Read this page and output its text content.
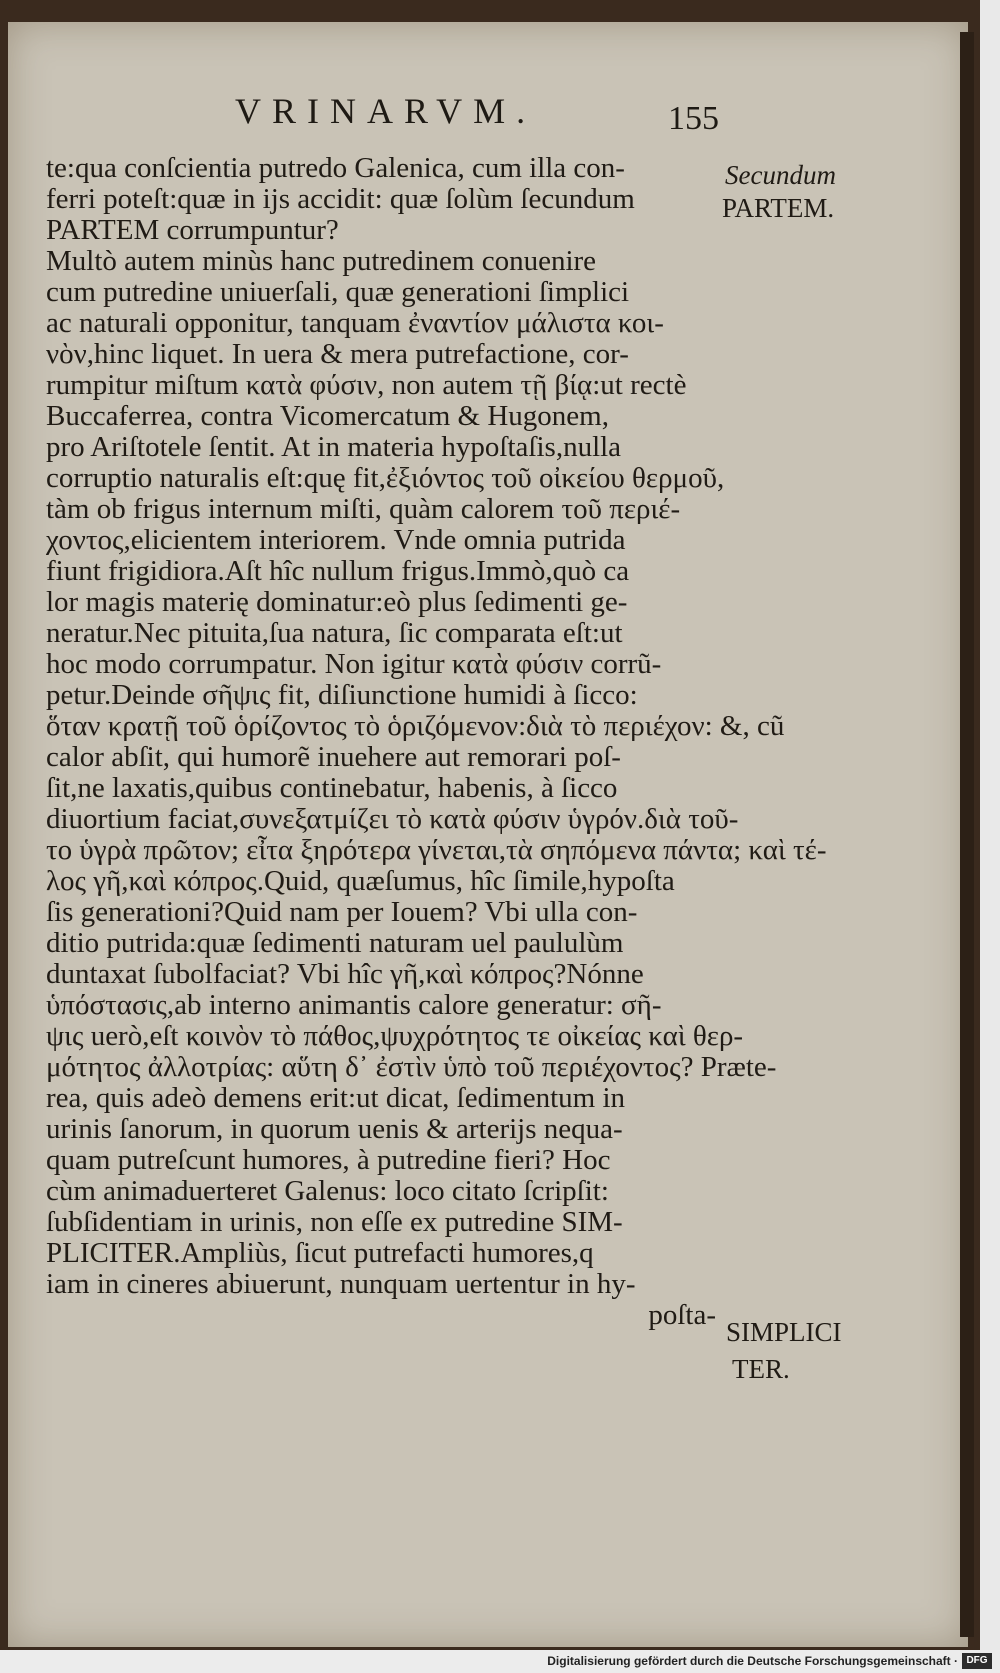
VRINARVM.	155
te:qua conſcientia putredo Galenica, cum illa con-
ferri poteſt:quæ in ijs accidit: quæ ſolùm ſecundum
PARTEM corrumpuntur?
Multò autem minùs hanc putredinem conuenire
cum putredine uniuerſali, quæ generationi ſimplici
ac naturali opponitur, tanquam ἐναντίον μάλιστα κοι-
νὸν,hinc liquet. In uera & mera putrefactione, cor-
rumpitur miſtum κατὰ φύσιν, non autem τῇ βίᾳ:ut rectè
Buccaferrea, contra Vicomercatum & Hugonem,
pro Ariſtotele ſentit. At in materia hypoſtaſis,nulla
corruptio naturalis eſt:quę fit,ἐξιόντος τοῦ οἰκείου θερμοῦ,
tàm ob frigus internum miſti, quàm calorem τοῦ περιέ-
χοντος,elicientem interiorem. Vnde omnia putrida
fiunt frigidiora.Aſt hîc nullum frigus.Immò,quò ca
lor magis materię dominatur:eò plus ſedimenti ge-
neratur.Nec pituita,ſua natura, ſic comparata eſt:ut
hoc modo corrumpatur. Non igitur κατὰ φύσιν corrũ-
petur.Deinde σῆψις fit, diſiunctione humidi à ſicco:
ὅταν κρατῇ τοῦ ὁρίζοντος τὸ ὁριζόμενον:διὰ τὸ περιέχον: &, cũ
calor abſit, qui humorẽ inuehere aut remorari poſ-
ſit,ne laxatis,quibus continebatur, habenis, à ſicco
diuortium faciat,συνεξατμίζει τὸ κατὰ φύσιν ὑγρόν.διὰ τοῦ-
το ὑγρὰ πρῶτον; εἶτα ξηρότερα γίνεται,τὰ σηπόμενα πάντα; καὶ τέ-
λος γῆ,καὶ κόπρος.Quid, quæſumus, hîc ſimile,hypoſta
ſis generationi?Quid nam per Iouem? Vbi ulla con-
ditio putrida:quæ ſedimenti naturam uel paululùm
duntaxat ſubolfaciat? Vbi hîc γῆ,καὶ κόπρος?Nónne
ὑπόστασις,ab interno animantis calore generatur: σῆ-
ψις uerò,eſt κοινὸν τὸ πάθος,ψυχρότητος τε οἰκείας καὶ θερ-
μότητος ἀλλοτρίας: αὕτη δ᾽ ἐστὶν ὑπὸ τοῦ περιέχοντος? Præte-
rea, quis adeò demens erit:ut dicat, ſedimentum in
urinis ſanorum, in quorum uenis & arterijs nequa-
quam putreſcunt humores, à putredine fieri? Hoc
cùm animaduerteret Galenus: loco citato ſcripſit:
ſubſidentiam in urinis, non eſſe ex putredine SIM-
PLICITER.Ampliùs, ſicut putrefacti humores,q
iam in cineres abiuerunt, nunquam uertentur in hy-
poſta-
Secundum
PARTEM.
SIMPLICI
TER.
Digitalisierung gefördert durch die Deutsche Forschungsgemeinschaft · DFG
